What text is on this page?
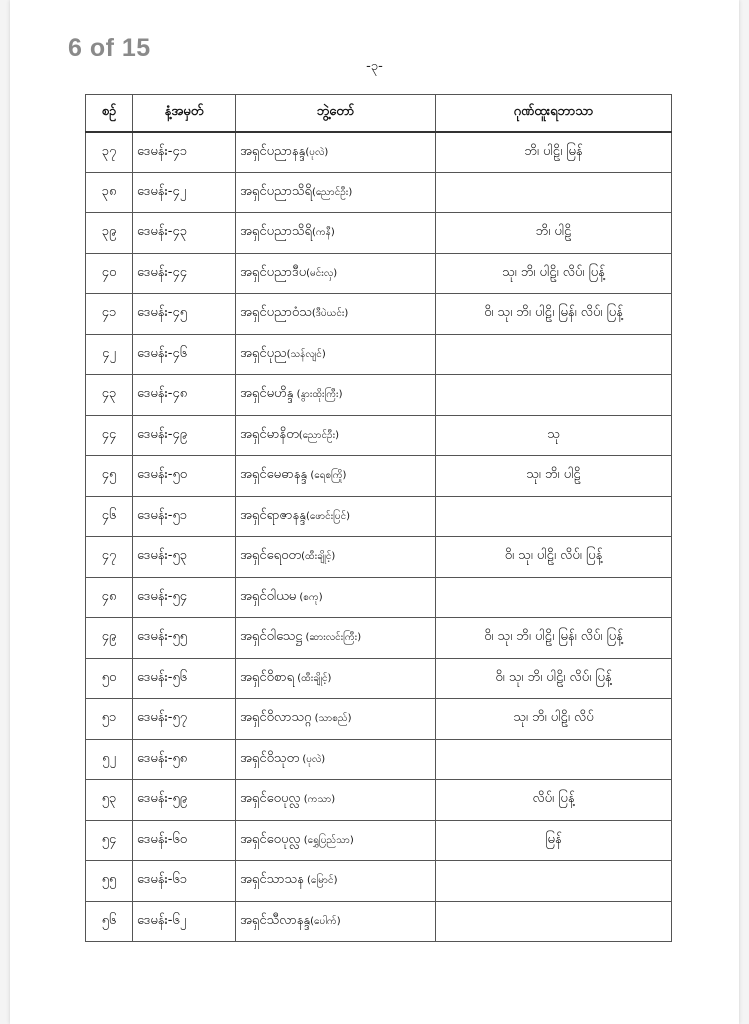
6 of 15
-၃-
စဉ်	နံ့အမှတ်	ဘွဲ့တော်	ဂုဏ်ထူးရဘာသာ
၃၇	ဒေမန်း-၄၁	အရှင်ပညာနန္ဒ(ပုလဲ)	ဘိ၊ ပါဠိ၊ မြန်
၃၈	ဒေမန်း-၄၂	အရှင်ပညာသိရိ(ညောင်ဦး)	
၃၉	ဒေမန်း-၄၃	အရှင်ပညာသိရိ(ကနီ)	ဘိ၊ ပါဠိ
၄၀	ဒေမန်း-၄၄	အရှင်ပညာဒီပ(မင်းလှ)	သု၊ ဘိ၊ ပါဠိ၊ လိပ်၊ ပြန့်
၄၁	ဒေမန်း-၄၅	အရှင်ပညာဝံသ(ဒီပဲယင်း)	ဝိ၊ သု၊ ဘိ၊ ပါဠိ၊ မြန်၊ လိပ်၊ ပြန့်
၄၂	ဒေမန်း-၄၆	အရှင်ပုည(သန်လျင်)	
၄၃	ဒေမန်း-၄၈	အရှင်မဟိန္ဒ (နွားထိုးကြီး)	
၄၄	ဒေမန်း-၄၉	အရှင်မာနိတ(ညောင်ဦး)	သု
၄၅	ဒေမန်း-၅၀	အရှင်မေဓာနန္ဒ (ရေစကြို)	သု၊ ဘိ၊ ပါဠိ
၄၆	ဒေမန်း-၅၁	အရှင်ရာဇာနန္ဒ(ဖောင်းပြင်)	
၄၇	ဒေမန်း-၅၃	အရှင်ရေဝတ(ထီးချိုင့်)	ဝိ၊ သု၊ ပါဠိ၊ လိပ်၊ ပြန့်
၄၈	ဒေမန်း-၅၄	အရှင်ဝါယမ (စကု)	
၄၉	ဒေမန်း-၅၅	အရှင်ဝါသေဋ္ဌ (ဆားလင်းကြီး)	ဝိ၊ သု၊ ဘိ၊ ပါဠိ၊ မြန်၊ လိပ်၊ ပြန့်
၅၀	ဒေမန်း-၅၆	အရှင်ဝိစာရ (ထီးချိုင့်)	ဝိ၊ သု၊ ဘိ၊ ပါဠိ၊ လိပ်၊ ပြန့်
၅၁	ဒေမန်း-၅၇	အရှင်ဝိလာသဂ္ဂ (သာစည်)	သု၊ ဘိ၊ ပါဠိ၊ လိပ်
၅၂	ဒေမန်း-၅၈	အရှင်ဝိသုတ (ပုလဲ)	
၅၃	ဒေမန်း-၅၉	အရှင်ဝေပုလ္လ (ကသာ)	လိပ်၊ ပြန့်
၅၄	ဒေမန်း-၆၀	အရှင်ဝေပုလ္လ (ရွှေပြည်သာ)	မြန်
၅၅	ဒေမန်း-၆၁	အရှင်သာသန (မြောင်)	
၅၆	ဒေမန်း-၆၂	အရှင်သီလာနန္ဒ(ပေါက်)	
